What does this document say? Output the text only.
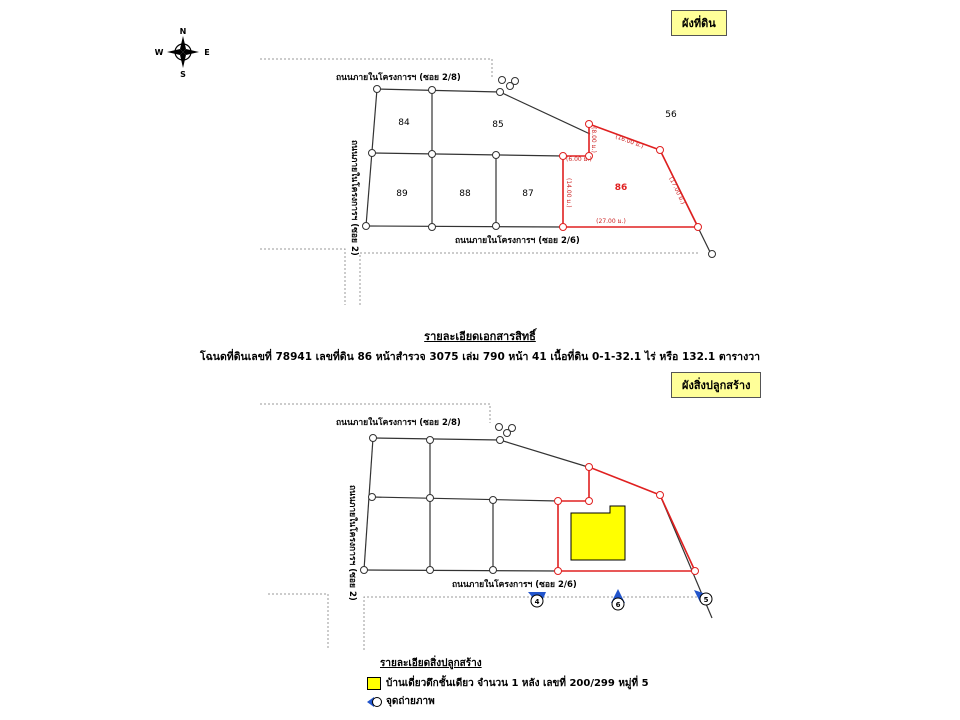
ผังที่ดิน
N
S
W	E
ถนนภายในโครงการฯ (ซอย 2/8)
ถนนภายในโครงการฯ (ซอย 2/6)
ถนนภายในโครงการฯ (ซอย 2)
84	85
56
89	88	87
86
(8.00 ม.)	(16.00 ม.)
(6.00 ม.)
(14.00 ม.)	(17.00 ม.)
(27.00 ม.)
รายละเอียดเอกสารสิทธิ์
โฉนดที่ดินเลขที่ 78941 เลขที่ดิน 86 หน้าสำรวจ 3075 เล่ม 790 หน้า 41 เนื้อที่ดิน 0-1-32.1 ไร่ หรือ 132.1 ตารางวา
ผังสิ่งปลูกสร้าง
ถนนภายในโครงการฯ (ซอย 2/8)
ถนนภายในโครงการฯ (ซอย 2/6)
ถนนภายในโครงการฯ (ซอย 2)
4	6
5
รายละเอียดสิ่งปลูกสร้าง
บ้านเดี่ยวตึกชั้นเดียว จำนวน 1 หลัง เลขที่ 200/299 หมู่ที่ 5
จุดถ่ายภาพ
